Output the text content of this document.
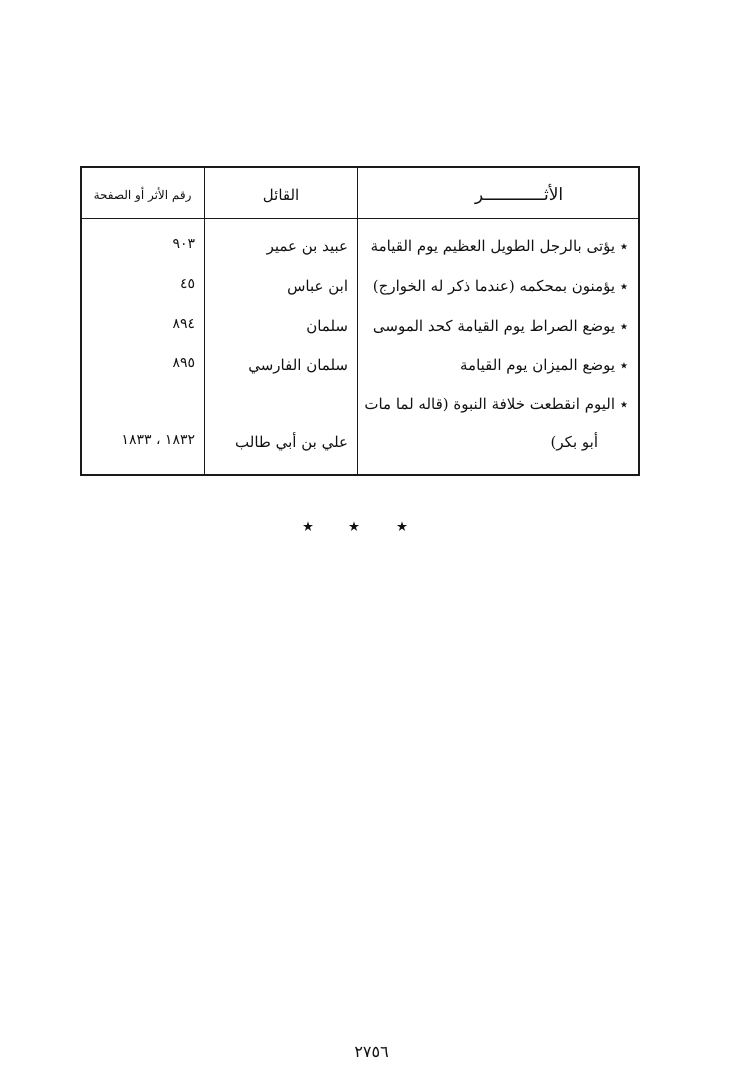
الأثــــــــــــر
القائل
رقم الأثر أو الصفحة
٭ يؤتى بالرجل الطويل العظيم يوم القيامة
عبيد بن عمير
٩٠٣
٭ يؤمنون بمحكمه (عندما ذكر له الخوارج)
ابن عباس
٤٥
٭ يوضع الصراط يوم القيامة كحد الموسى
سلمان
٨٩٤
٭ يوضع الميزان يوم القيامة
سلمان الفارسي
٨٩٥
٭ اليوم انقطعت خلافة النبوة (قاله لما مات
أبو بكر)
علي بن أبي طالب
١٨٣٢ ، ١٨٣٣
٭ ٭ ٭
٢٧٥٦
